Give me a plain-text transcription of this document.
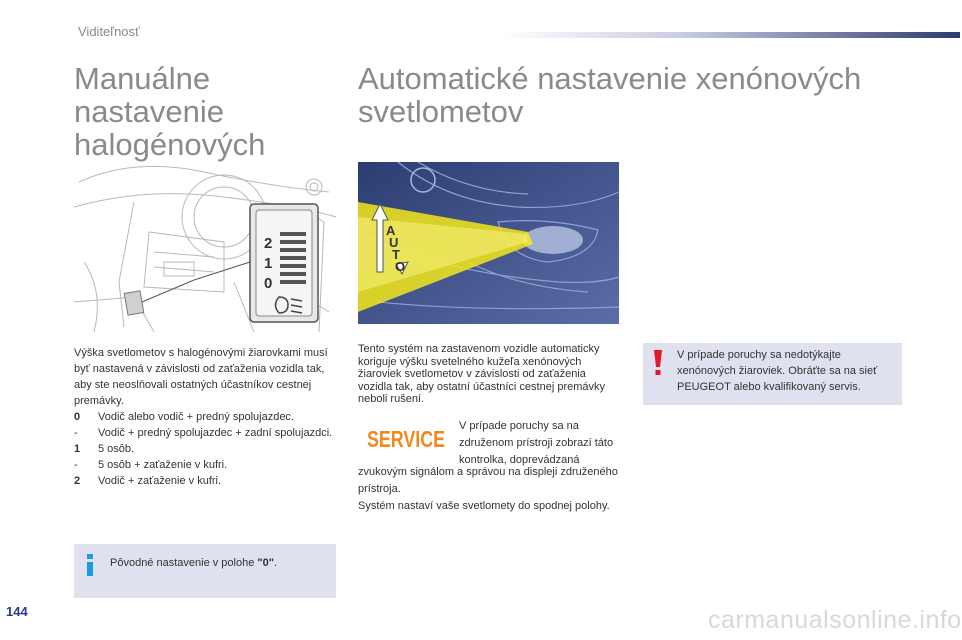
Viditeľnosť
Manuálne nastavenie halogénových
Automatické nastavenie xenónových svetlometov
2
1
0
A
U
T
O
Výška svetlometov s halogénovými žiarovkami musí byť nastavená v závislosti od zaťaženia vozidla tak, aby ste neoslňovali ostatných účastníkov cestnej premávky.
0	Vodič alebo vodič + predný spolujazdec.
-	Vodič + predný spolujazdec + zadní spolujazdci.
1	5 osôb.
-	5 osôb + zaťaženie v kufri.
2	Vodič + zaťaženie v kufri.
Pôvodné nastavenie v polohe "0".
Tento systém na zastavenom vozidle automaticky koriguje výšku svetelného kužeľa xenónových žiaroviek svetlometov v závislosti od zaťaženia vozidla tak, aby ostatní účastníci cestnej premávky neboli rušení.
SERVICE V prípade poruchy sa na združenom prístroji zobrazí táto kontrolka, doprevádzaná
zvukovým signálom a správou na displeji združeného prístroja.
Systém nastaví vaše svetlomety do spodnej polohy.
V prípade poruchy sa nedotýkajte xenónových žiaroviek. Obráťte sa na sieť PEUGEOT alebo kvalifikovaný servis.
144	carmanualsonline.info
